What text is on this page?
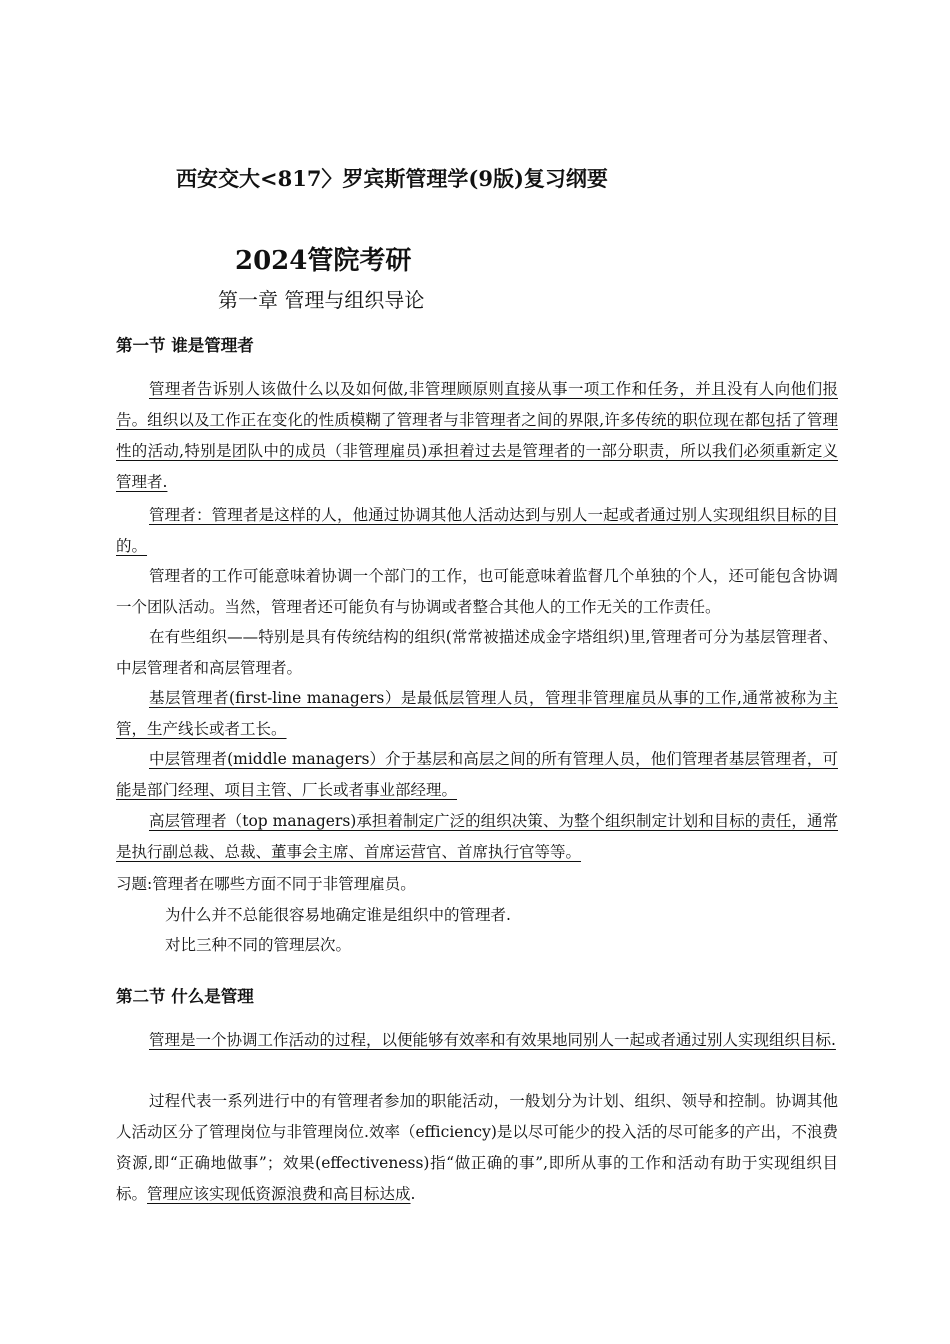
西安交大<817〉罗宾斯管理学(9版)复习纲要
2024管院考研
第一章 管理与组织导论
第一节 谁是管理者
管理者告诉别人该做什么以及如何做,非管理顾原则直接从事一项工作和任务，并且没有人向他们报告。组织以及工作正在变化的性质模糊了管理者与非管理者之间的界限,许多传统的职位现在都包括了管理性的活动,特别是团队中的成员（非管理雇员)承担着过去是管理者的一部分职责，所以我们必须重新定义管理者.
管理者：管理者是这样的人，他通过协调其他人活动达到与别人一起或者通过别人实现组织目标的目的。
管理者的工作可能意味着协调一个部门的工作，也可能意味着监督几个单独的个人，还可能包含协调一个团队活动。当然，管理者还可能负有与协调或者整合其他人的工作无关的工作责任。
在有些组织——特别是具有传统结构的组织(常常被描述成金字塔组织)里,管理者可分为基层管理者、中层管理者和高层管理者。
基层管理者(first-line managers）是最低层管理人员，管理非管理雇员从事的工作,通常被称为主管，生产线长或者工长。
中层管理者(middle managers）介于基层和高层之间的所有管理人员，他们管理者基层管理者，可能是部门经理、项目主管、厂长或者事业部经理。
高层管理者（top managers)承担着制定广泛的组织决策、为整个组织制定计划和目标的责任，通常是执行副总裁、总裁、董事会主席、首席运营官、首席执行官等等。
习题:管理者在哪些方面不同于非管理雇员。
为什么并不总能很容易地确定谁是组织中的管理者.
对比三种不同的管理层次。
第二节 什么是管理
管理是一个协调工作活动的过程，以便能够有效率和有效果地同别人一起或者通过别人实现组织目标.
过程代表一系列进行中的有管理者参加的职能活动，一般划分为计划、组织、领导和控制。协调其他人活动区分了管理岗位与非管理岗位.效率（efficiency)是以尽可能少的投入活的尽可能多的产出，不浪费资源,即“正确地做事”；效果(effectiveness)指“做正确的事”,即所从事的工作和活动有助于实现组织目标。管理应该实现低资源浪费和高目标达成.
